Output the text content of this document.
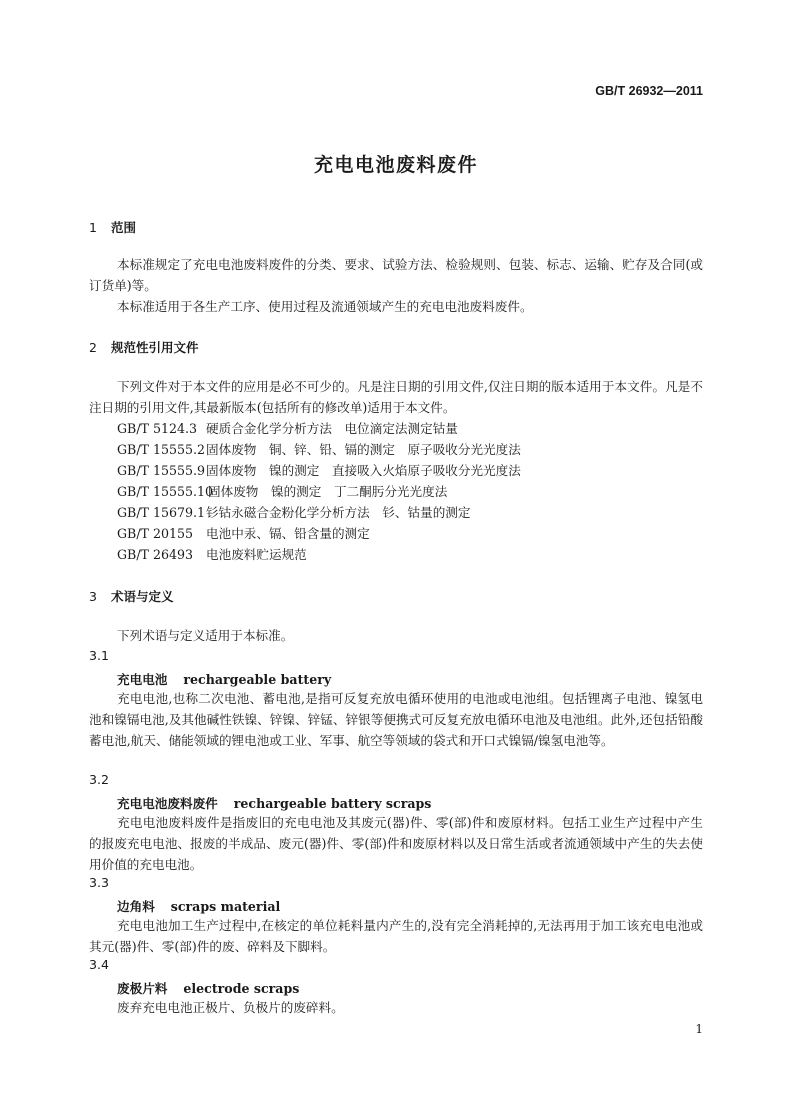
GB/T 26932—2011
充电电池废料废件
1 范围
本标准规定了充电电池废料废件的分类、要求、试验方法、检验规则、包装、标志、运输、贮存及合同(或订货单)等。
本标准适用于各生产工序、使用过程及流通领域产生的充电电池废料废件。
2 规范性引用文件
下列文件对于本文件的应用是必不可少的。凡是注日期的引用文件,仅注日期的版本适用于本文件。凡是不注日期的引用文件,其最新版本(包括所有的修改单)适用于本文件。
GB/T 5124.3 硬质合金化学分析方法　电位滴定法测定钴量
GB/T 15555.2固体废物　铜、锌、铅、镉的测定　原子吸收分光光度法
GB/T 15555.9固体废物　镍的测定　直接吸入火焰原子吸收分光光度法
GB/T 15555.10固体废物　镍的测定　丁二酮肟分光光度法
GB/T 15679.1钐钴永磁合金粉化学分析方法　钐、钴量的测定
GB/T 20155 电池中汞、镉、铅含量的测定
GB/T 26493 电池废料贮运规范
3 术语与定义
下列术语与定义适用于本标准。
3.1
充电电池 rechargeable battery
充电电池,也称二次电池、蓄电池,是指可反复充放电循环使用的电池或电池组。包括锂离子电池、镍氢电池和镍镉电池,及其他碱性铁镍、锌镍、锌锰、锌银等便携式可反复充放电循环电池及电池组。此外,还包括铅酸蓄电池,航天、储能领域的锂电池或工业、军事、航空等领域的袋式和开口式镍镉/镍氢电池等。
3.2
充电电池废料废件 rechargeable battery scraps
充电电池废料废件是指废旧的充电电池及其废元(器)件、零(部)件和废原材料。包括工业生产过程中产生的报废充电电池、报废的半成品、废元(器)件、零(部)件和废原材料以及日常生活或者流通领域中产生的失去使用价值的充电电池。
3.3
边角料 scraps material
充电电池加工生产过程中,在核定的单位耗料量内产生的,没有完全消耗掉的,无法再用于加工该充电电池或其元(器)件、零(部)件的废、碎料及下脚料。
3.4
废极片料 electrode scraps
废弃充电电池正极片、负极片的废碎料。
1
